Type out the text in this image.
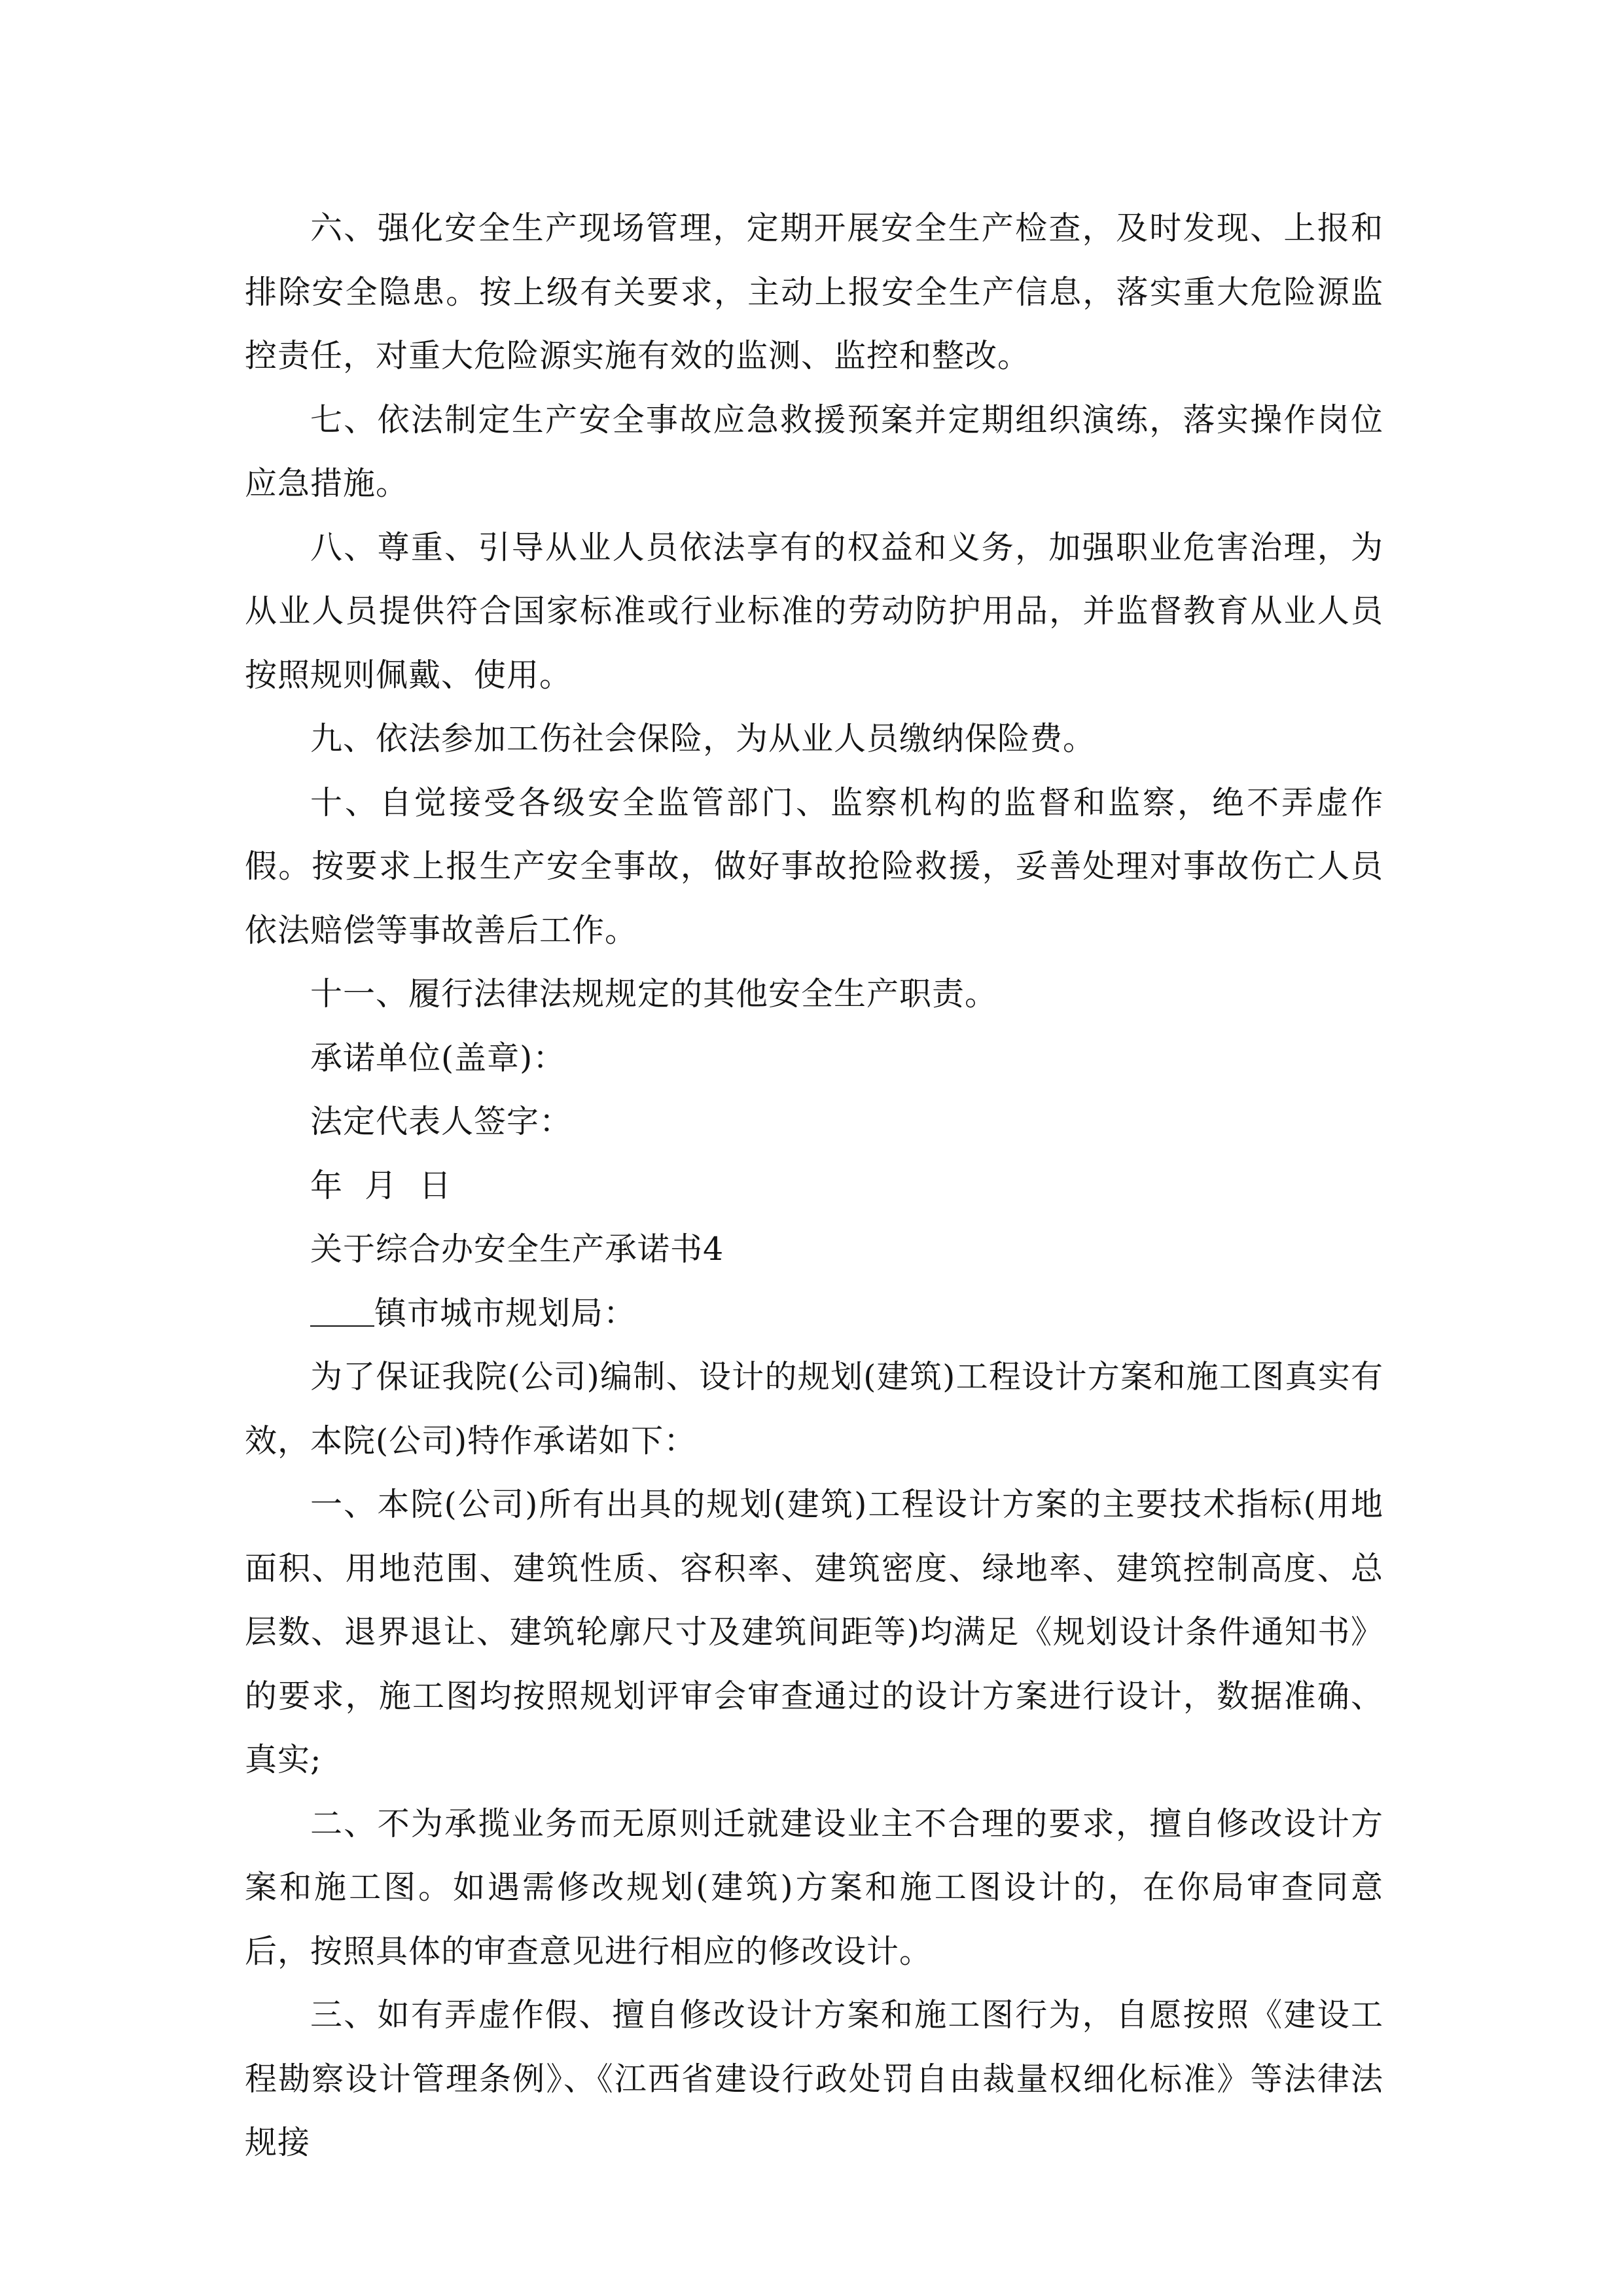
六、强化安全生产现场管理，定期开展安全生产检查，及时发现、上报和排除安全隐患。按上级有关要求，主动上报安全生产信息，落实重大危险源监控责任，对重大危险源实施有效的监测、监控和整改。

七、依法制定生产安全事故应急救援预案并定期组织演练，落实操作岗位应急措施。

八、尊重、引导从业人员依法享有的权益和义务，加强职业危害治理，为从业人员提供符合国家标准或行业标准的劳动防护用品，并监督教育从业人员按照规则佩戴、使用。

九、依法参加工伤社会保险，为从业人员缴纳保险费。

十、自觉接受各级安全监管部门、监察机构的监督和监察，绝不弄虚作假。按要求上报生产安全事故，做好事故抢险救援，妥善处理对事故伤亡人员依法赔偿等事故善后工作。

十一、履行法律法规规定的其他安全生产职责。

承诺单位(盖章)：

法定代表人签字：

年  月  日

关于综合办安全生产承诺书4

镇市城市规划局：

为了保证我院(公司)编制、设计的规划(建筑)工程设计方案和施工图真实有效，本院(公司)特作承诺如下：

一、本院(公司)所有出具的规划(建筑)工程设计方案的主要技术指标(用地面积、用地范围、建筑性质、容积率、建筑密度、绿地率、建筑控制高度、总层数、退界退让、建筑轮廓尺寸及建筑间距等)均满足《规划设计条件通知书》的要求，施工图均按照规划评审会审查通过的设计方案进行设计，数据准确、真实;

二、不为承揽业务而无原则迁就建设业主不合理的要求，擅自修改设计方案和施工图。如遇需修改规划(建筑)方案和施工图设计的，在你局审查同意后，按照具体的审查意见进行相应的修改设计。

三、如有弄虚作假、擅自修改设计方案和施工图行为，自愿按照《建设工程勘察设计管理条例》、《江西省建设行政处罚自由裁量权细化标准》等法律法规接
